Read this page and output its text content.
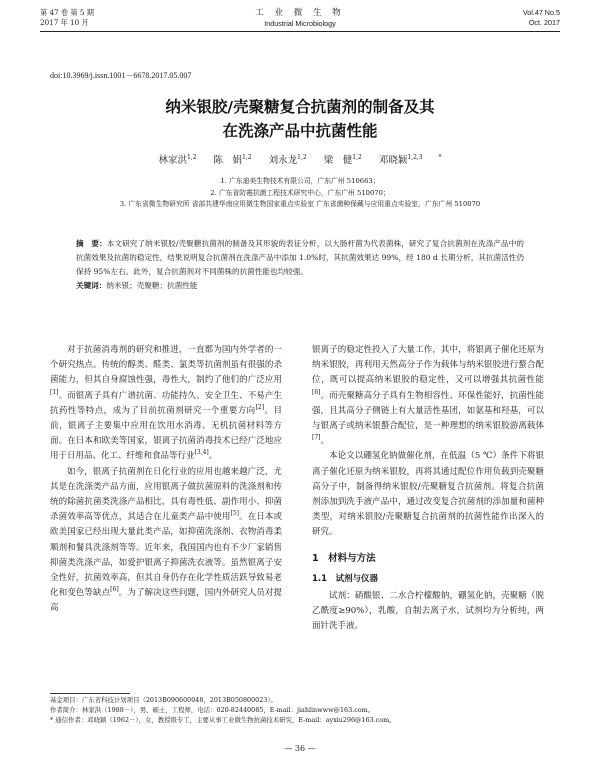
第 47 卷 第 5 期
2017 年 10 月
工 业 微 生 物
Industrial Microbiology
Vol.47 No.5
Oct. 2017
doi:10.3969/j.issn.1001－6678.2017.05.007
纳米银胶/壳聚糖复合抗菌剂的制备及其
在洗涤产品中抗菌性能
林家洪$^{1,2}$ 陈　娟$^{1,2}$ 刘永龙$^{1,2}$ 梁　健$^{1,2}$ 邓晓颖$^{1,2,3 *}$
1. 广东迪美生物技术有限公司，广东广州 510663；
2. 广东省防霉抗菌工程技术研究中心，广东广州 510070；
3. 广东省微生物研究所 省部共建华南应用微生物国家重点实验室 广东省菌种保藏与应用重点实验室，广东广州 510070
摘　要：本文研究了纳米银胶/壳聚糖抗菌剂的制备及其形貌的表征分析，以大肠杆菌为代表菌株，研究了复合抗菌剂在洗涤产品中的抗菌效果及抗菌的稳定性，结果说明复合抗菌剂在洗涤产品中添加 1.0%时，其抗菌效果达 99%，经 180 d 长期分析，其抗菌活性仍保持 95%左右。此外，复合抗菌剂对不同菌株的抗菌性能也均较强。
关键词：纳米银；壳聚糖；抗菌性能

对于抗菌消毒剂的研究和推进，一直都为国内外学者的一个研究热点。传统的醇类、醛类、氯类等抗菌剂虽有很强的杀菌能力，但其自身腐蚀性强，毒性大，制约了他们的广泛应用[1]。而银离子具有广谱抗菌、功能持久、安全卫生、不易产生抗药性等特点，成为了目前抗菌剂研究一个重要方向[2]。目前，银离子主要集中应用在饮用水消毒、无机抗菌材料等方面。在日本和欧美等国家，银离子抗菌消毒技术已经广泛地应用于日用品、化工、纤维和食品等行业[3,4]。

如今，银离子抗菌剂在日化行业的应用也越来越广泛，尤其是在洗涤类产品方面，应用银离子做抗菌原料的洗涤剂和传统的除菌抗菌类洗涤产品相比，具有毒性低、副作用小、抑菌杀菌效率高等优点，其适合在儿童类产品中使用[5]。在日本或欧美国家已经出现大量此类产品，如抑菌洗涤剂、衣物消毒柔顺剂和餐具洗涤剂等等。近年来，我国国内也有不少厂家销售抑菌类洗涤产品，如爱护银离子抑菌洗衣液等。虽然银离子安全性好，抗菌效率高，但其自身仍存在化学性质活跃导致易老化和变色等缺点[6]。为了解决这些问题，国内外研究人员对提高

银离子的稳定性投入了大量工作，其中，将银离子催化还原为纳米银胶，再利用天然高分子作为载体与纳米银胶进行螯合配位，既可以提高纳米银胶的稳定性，又可以增强其抗菌性能[6]。而壳聚糖高分子具有生物相容性、环保性能好，抗菌性能强，且其高分子侧链上有大量活性基团，如氨基和羟基，可以与银离子或纳米银螯合配位，是一种理想的纳米银胶游离载体[7]。

本论文以硼氢化钠做催化剂，在低温（5 ℃）条件下将银离子催化还原为纳米银胶，再将其通过配位作用负载到壳聚糖高分子中，制备得纳米银胶/壳聚糖复合抗菌剂。将复合抗菌剂添加到洗手液产品中，通过改变复合抗菌剂的添加量和菌种类型，对纳米银胶/壳聚糖复合抗菌剂的抗菌性能作出深入的研究。

1　材料与方法
1.1　试剂与仪器

试剂：硝酸银、二水合柠檬酸钠，硼氢化钠，壳聚糖（脱乙酰度≥90%），乳酸，自制去离子水，试剂均为分析纯，两面针洗手液。

基金项目：广东省科技计划项目（2013B090600048，2013B050800023）。
作者简介：林家洪（1988－），男，硕士，工程师，电话：020-82440085，E-mail：jiahlinwww@163.com。
* 通信作者：邓晓颖（1962－），女，教授级专工，主要从事工业微生物抗菌技术研究，E-mail：ayxiu296@163.com。
— 36 —
